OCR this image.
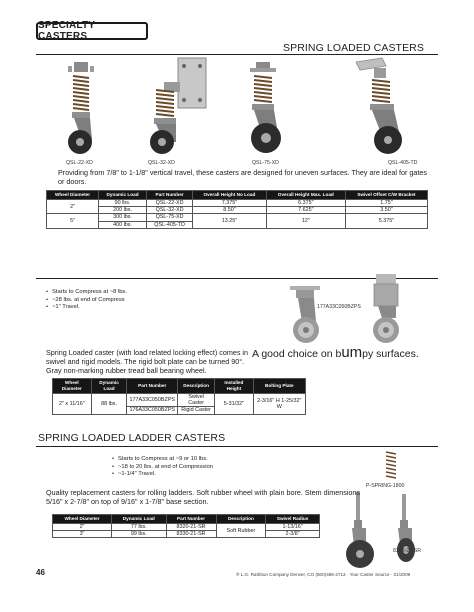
SPECIALTY CASTERS
SPRING LOADED CASTERS
QSL-22-XD	QSL-32-XD	QSL-75-XD	QSL-405-TD
Providing from 7/8" to 1-1/8" vertical travel, these casters are designed for uneven surfaces. They are ideal for gates or doors.
Wheel Diameter	Dynamic Load	Part Number	Overall Height No Load	Overall Height Max. Load	Swivel Offset C/W Bracket
2"	90 lbs.	QSL-22-XD	7.375"	6.375"	1.75"
	200 lbs.	QSL-32-XD	8.50"	7.625"	3.50"
5"	300 lbs.	QSL-75-XD	13.25"	12"	5.375"
	400 lbs.	QSL-405-TD			
• Starts to Compress at ~8 lbs.
• ~28 lbs. at end of Compress
• ~1" Travel.	177A33C050BZPS
Spring Loaded caster (with load related locking effect) comes in swivel and rigid models. The rigid bolt plate can be turned 90°. Gray non-marking rubber tread ball bearing wheel.
A good choice on bumpy surfaces.
Wheel Diameter	Dynamic Load	Part Number	Description	Installed Height	Bolting Plate
2" x 11/16"	88 lbs.	177A33C050BZPS	Swivel Caster	5-31/32"	2-3/16" H 1-25/32" W
		176A33C050BZPS	Rigid Caster		
SPRING LOADED LADDER CASTERS
• Starts to Compress at ~9 or 10 lbs.
• ~18 to 20 lbs. at end of Compression
• ~1-1/4" Travel.
P-SPRING-1800
8320-21-SR
Quality replacement casters for rolling ladders. Soft rubber wheel with plain bore. Stem dimensions 5/16" x 2-7/8" on top of 9/16" x 1-7/8" base section.
Wheel Diameter	Dynamic Load	Part Number	Description	Swivel Radius
2"	77 lbs.	8320-21-SR	Soft Rubber	1-13/16"
3"	99 lbs.	8330-21-SR		2-3/8"
46	® L.G. Rathbun Company Denver, CO (800)466-2713 · Your Caster Source · 01/2009
